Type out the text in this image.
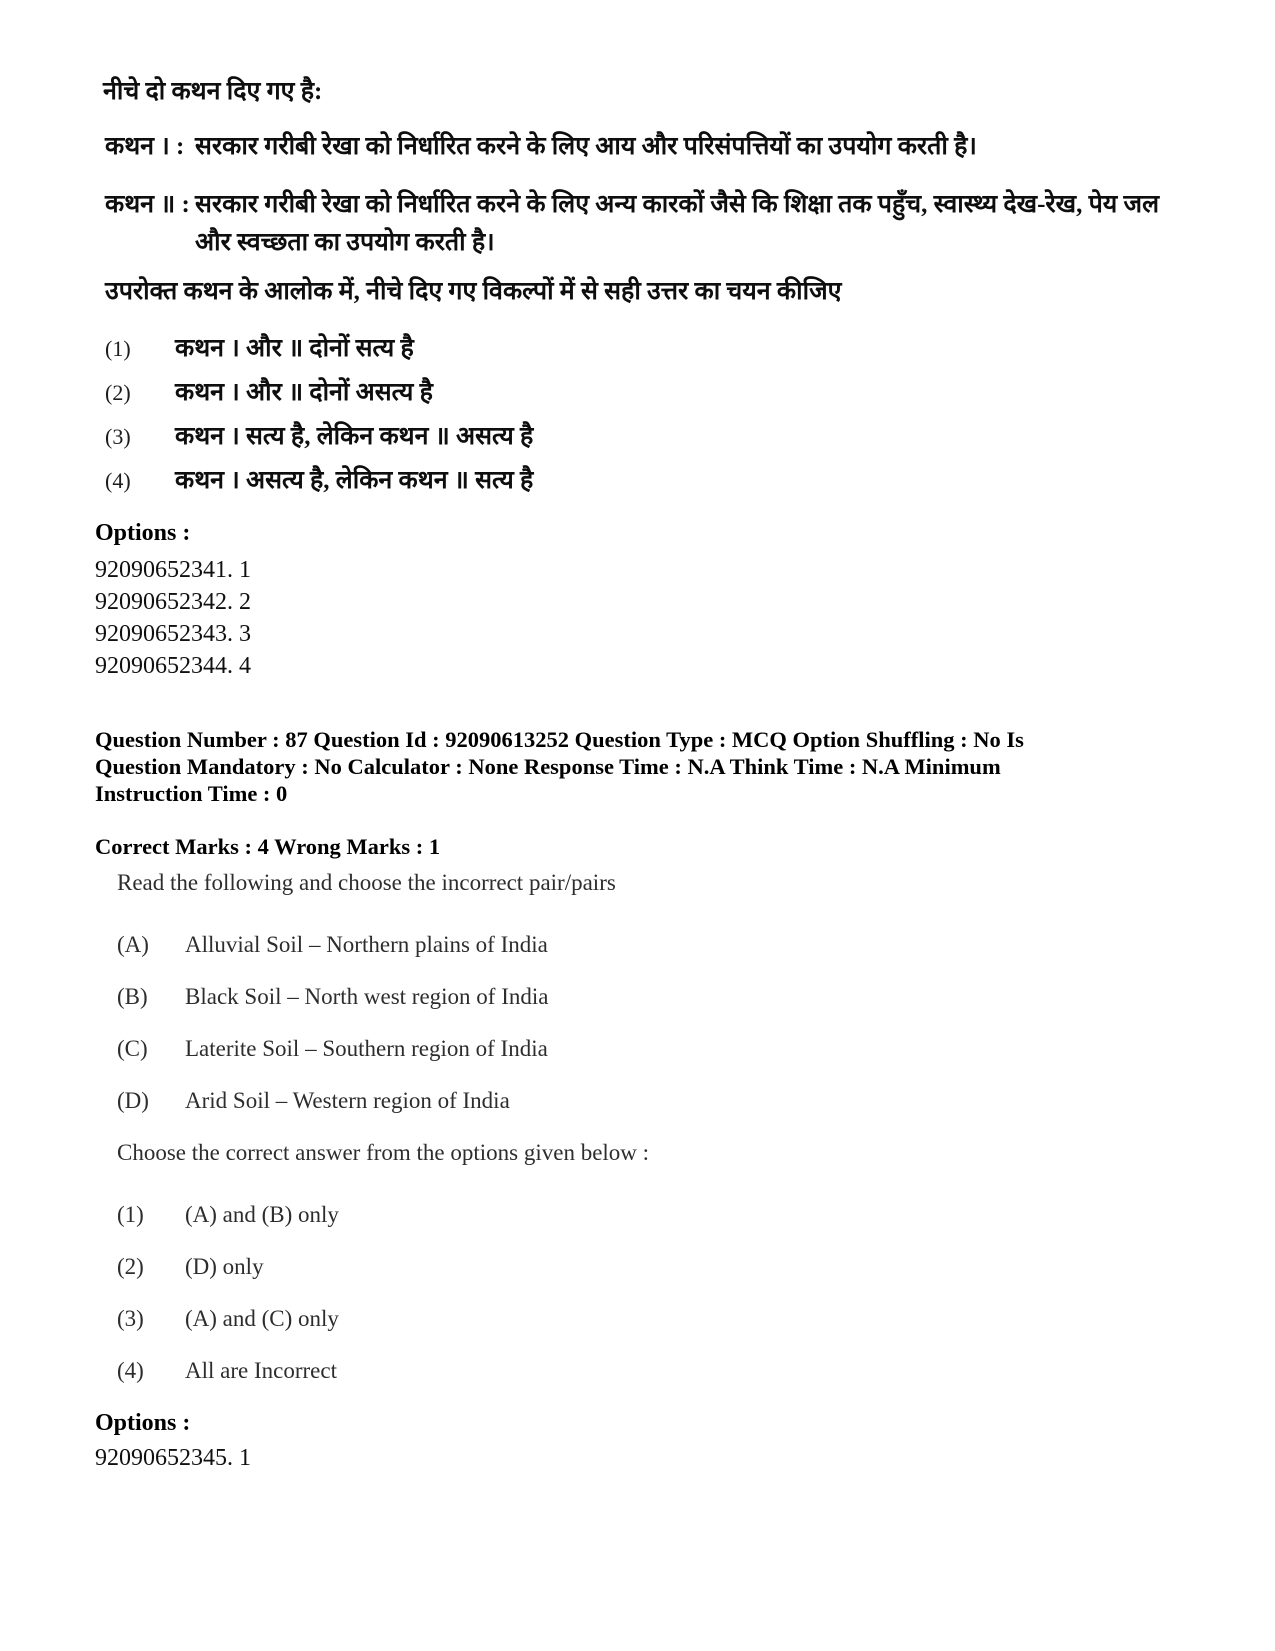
नीचे दो कथन दिए गए है:
कथन । : सरकार गरीबी रेखा को निर्धारित करने के लिए आय और परिसंपत्तियों का उपयोग करती है।
कथन ॥ : सरकार गरीबी रेखा को निर्धारित करने के लिए अन्य कारकों जैसे कि शिक्षा तक पहुँच, स्वास्थ्य देख-रेख, पेय जल और स्वच्छता का उपयोग करती है।
उपरोक्त कथन के आलोक में, नीचे दिए गए विकल्पों में से सही उत्तर का चयन कीजिए
(1)	कथन । और ॥ दोनों सत्य है
(2)	कथन । और ॥ दोनों असत्य है
(3)	कथन । सत्य है, लेकिन कथन ॥ असत्य है
(4)	कथन । असत्य है, लेकिन कथन ॥ सत्य है
Options :
92090652341. 1
92090652342. 2
92090652343. 3
92090652344. 4
Question Number : 87 Question Id : 92090613252 Question Type : MCQ Option Shuffling : No Is
Question Mandatory : No Calculator : None Response Time : N.A Think Time : N.A Minimum
Instruction Time : 0
Correct Marks : 4 Wrong Marks : 1
Read the following and choose the incorrect pair/pairs
(A)	Alluvial Soil – Northern plains of India
(B)	Black Soil – North west region of India
(C)	Laterite Soil – Southern region of India
(D)	Arid Soil – Western region of India
Choose the correct answer from the options given below :
(1)	(A) and (B) only
(2)	(D) only
(3)	(A) and (C) only
(4)	All are Incorrect
Options :
92090652345. 1
